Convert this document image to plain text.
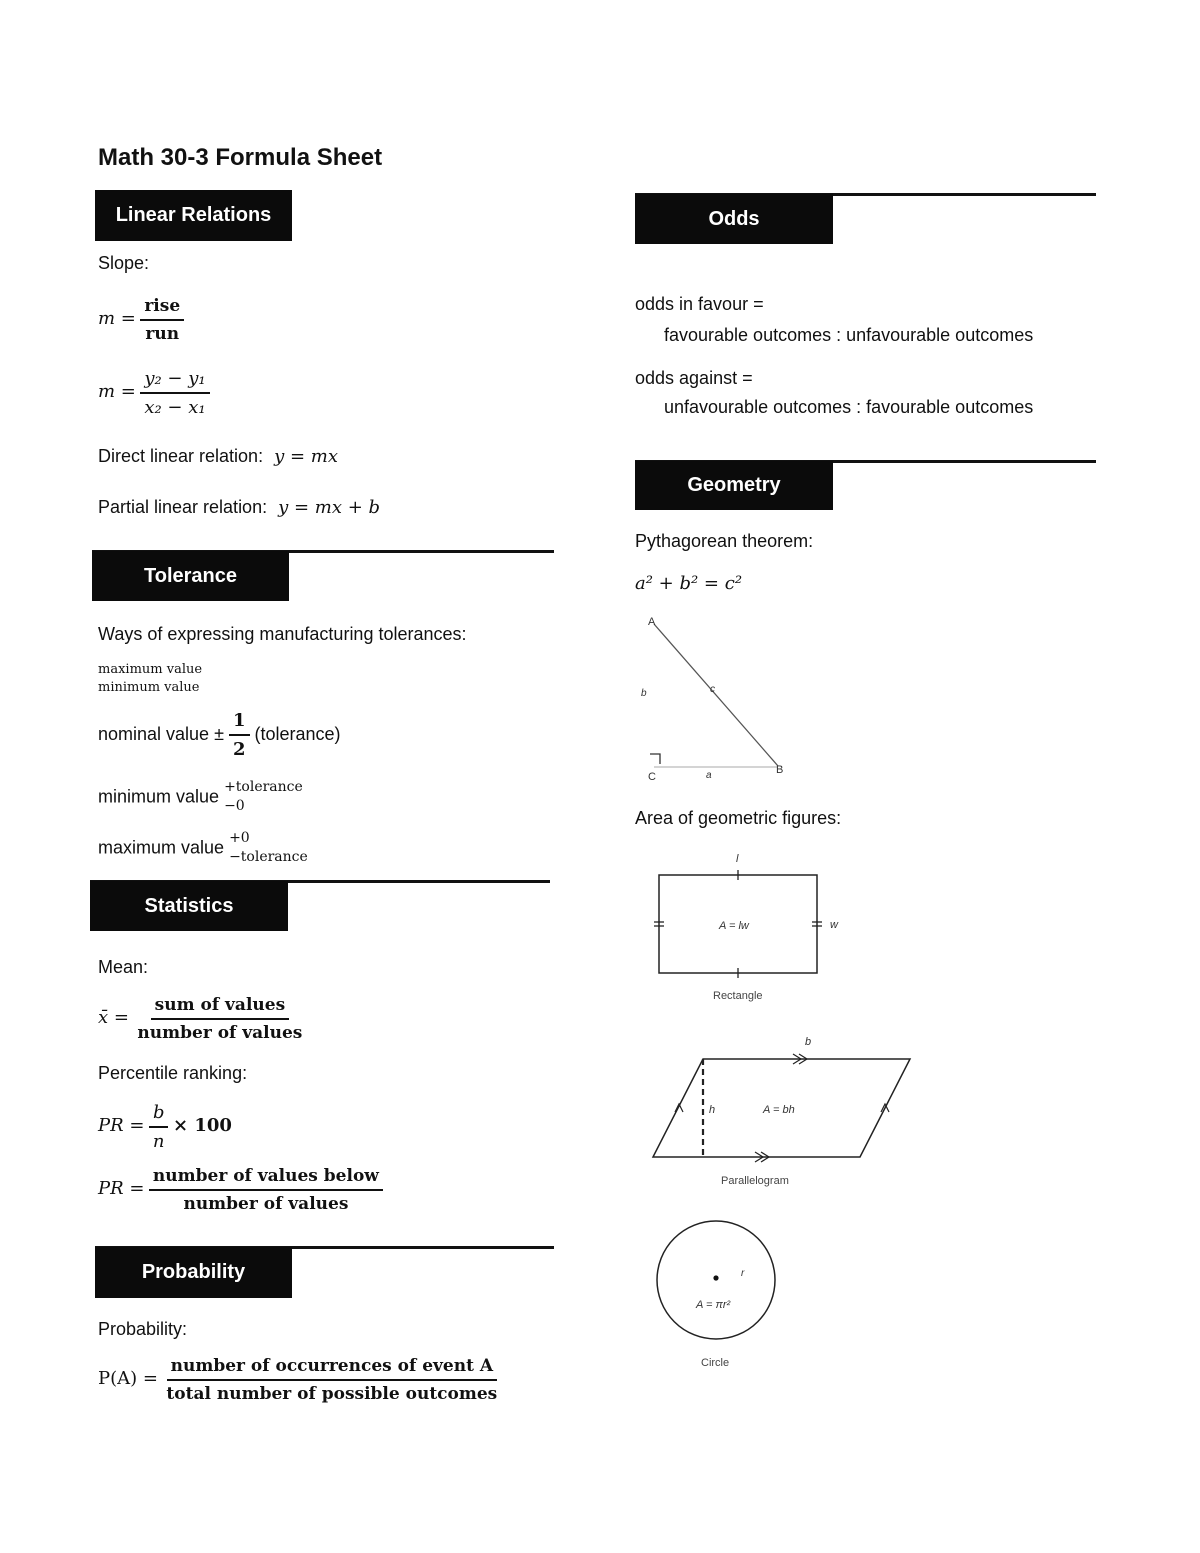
Math 30-3 Formula Sheet
Linear Relations
Slope:
$m = \frac{\text{rise}}{\text{run}}$
$m = \frac{\text{y₂ − y₁}}{\text{x₂ − x₁}}$
Direct linear relation: y = mx
Partial linear relation: y = mx + b
Tolerance
Ways of expressing manufacturing tolerances:
maximum value
minimum value
nominal value ± $\frac{1}{2}$ (tolerance)
minimum value +tolerance
−0
maximum value +0
−tolerance
Statistics
Mean:
x̄ = $\frac{\text{sum of values}}{\text{number of values}}$
Percentile ranking:
PR = $\frac{b}{n} \times 100$
PR = $\frac{\text{number of values below}}{\text{number of values}}$
Probability
Probability:
$P(A) = \frac{\text{number of occurrences of event A}}{\text{total number of possible outcomes}}$
Odds
odds in favour =
favourable outcomes : unfavourable outcomes
odds against =
unfavourable outcomes : favourable outcomes
Geometry
Pythagorean theorem:
a² + b² = c²
A
B
C	a
b	c
Area of geometric figures:
l
w
A = lw
Rectangle
b
h	A = bh
Parallelogram
r
A = πr²
Circle
